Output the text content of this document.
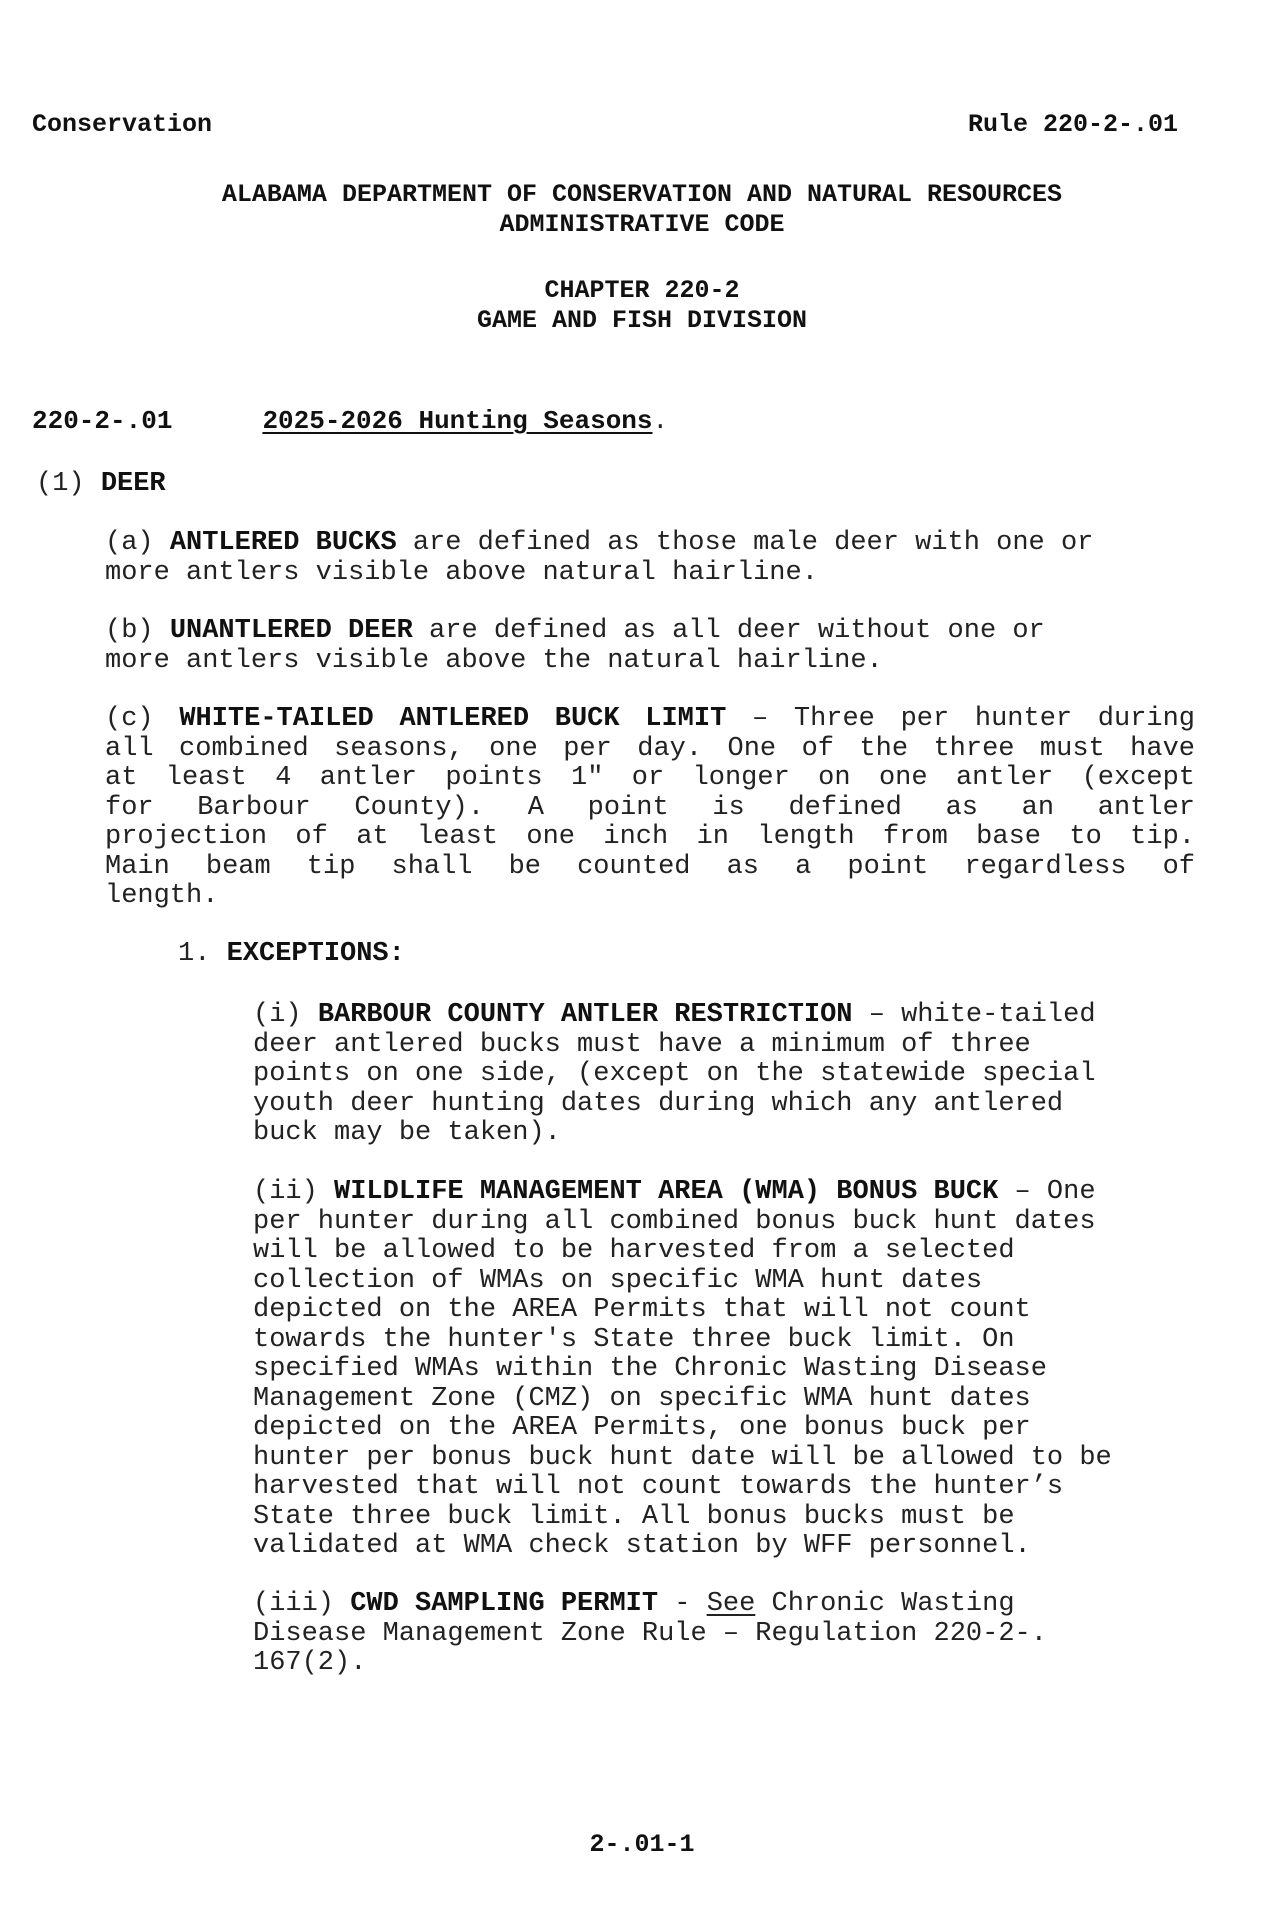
Conservation	Rule 220-2-.01
ALABAMA DEPARTMENT OF CONSERVATION AND NATURAL RESOURCES
ADMINISTRATIVE CODE
CHAPTER 220-2
GAME AND FISH DIVISION
220-2-.01	2025-2026 Hunting Seasons.
(1) DEER
(a) ANTLERED BUCKS are defined as those male deer with one or
more antlers visible above natural hairline.
(b) UNANTLERED DEER are defined as all deer without one or
more antlers visible above the natural hairline.
(c) WHITE-TAILED ANTLERED BUCK LIMIT – Three per hunter during
all combined seasons, one per day. One of the three must have
at least 4 antler points 1" or longer on one antler (except
for Barbour County). A point is defined as an antler
projection of at least one inch in length from base to tip.
Main beam tip shall be counted as a point regardless of
length.
1. EXCEPTIONS:
(i) BARBOUR COUNTY ANTLER RESTRICTION – white-tailed
deer antlered bucks must have a minimum of three
points on one side, (except on the statewide special
youth deer hunting dates during which any antlered
buck may be taken).
(ii) WILDLIFE MANAGEMENT AREA (WMA) BONUS BUCK – One
per hunter during all combined bonus buck hunt dates
will be allowed to be harvested from a selected
collection of WMAs on specific WMA hunt dates
depicted on the AREA Permits that will not count
towards the hunter's State three buck limit. On
specified WMAs within the Chronic Wasting Disease
Management Zone (CMZ) on specific WMA hunt dates
depicted on the AREA Permits, one bonus buck per
hunter per bonus buck hunt date will be allowed to be
harvested that will not count towards the hunter’s
State three buck limit. All bonus bucks must be
validated at WMA check station by WFF personnel.
(iii) CWD SAMPLING PERMIT - See Chronic Wasting
Disease Management Zone Rule – Regulation 220-2-.
167(2).
2-.01-1
